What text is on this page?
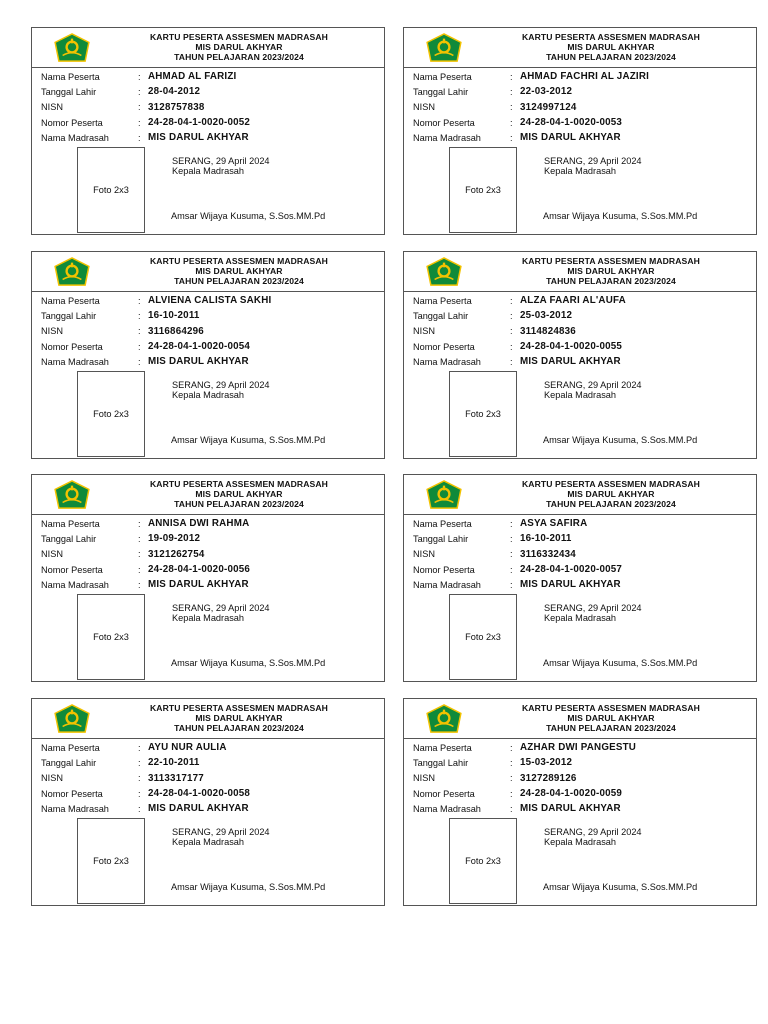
KARTU PESERTA ASSESMEN MADRASAH
MIS DARUL AKHYAR
TAHUN PELAJARAN 2023/2024
Nama Peserta	: AHMAD AL FARIZI
Tanggal Lahir	: 28-04-2012
NISN	: 3128757838
Nomor Peserta	: 24-28-04-1-0020-0052
Nama Madrasah	: MIS DARUL AKHYAR
Foto 2x3
SERANG, 29 April 2024
Kepala Madrasah
Amsar Wijaya Kusuma, S.Sos.MM.Pd
KARTU PESERTA ASSESMEN MADRASAH
MIS DARUL AKHYAR
TAHUN PELAJARAN 2023/2024
Nama Peserta	: AHMAD FACHRI AL JAZIRI
Tanggal Lahir	: 22-03-2012
NISN	: 3124997124
Nomor Peserta	: 24-28-04-1-0020-0053
Nama Madrasah	: MIS DARUL AKHYAR
Foto 2x3
SERANG, 29 April 2024
Kepala Madrasah
Amsar Wijaya Kusuma, S.Sos.MM.Pd
KARTU PESERTA ASSESMEN MADRASAH
MIS DARUL AKHYAR
TAHUN PELAJARAN 2023/2024
Nama Peserta	: ALVIENA CALISTA SAKHI
Tanggal Lahir	: 16-10-2011
NISN	: 3116864296
Nomor Peserta	: 24-28-04-1-0020-0054
Nama Madrasah	: MIS DARUL AKHYAR
Foto 2x3
SERANG, 29 April 2024
Kepala Madrasah
Amsar Wijaya Kusuma, S.Sos.MM.Pd
KARTU PESERTA ASSESMEN MADRASAH
MIS DARUL AKHYAR
TAHUN PELAJARAN 2023/2024
Nama Peserta	: ALZA FAARI AL'AUFA
Tanggal Lahir	: 25-03-2012
NISN	: 3114824836
Nomor Peserta	: 24-28-04-1-0020-0055
Nama Madrasah	: MIS DARUL AKHYAR
Foto 2x3
SERANG, 29 April 2024
Kepala Madrasah
Amsar Wijaya Kusuma, S.Sos.MM.Pd
KARTU PESERTA ASSESMEN MADRASAH
MIS DARUL AKHYAR
TAHUN PELAJARAN 2023/2024
Nama Peserta	: ANNISA DWI RAHMA
Tanggal Lahir	: 19-09-2012
NISN	: 3121262754
Nomor Peserta	: 24-28-04-1-0020-0056
Nama Madrasah	: MIS DARUL AKHYAR
Foto 2x3
SERANG, 29 April 2024
Kepala Madrasah
Amsar Wijaya Kusuma, S.Sos.MM.Pd
KARTU PESERTA ASSESMEN MADRASAH
MIS DARUL AKHYAR
TAHUN PELAJARAN 2023/2024
Nama Peserta	: ASYA SAFIRA
Tanggal Lahir	: 16-10-2011
NISN	: 3116332434
Nomor Peserta	: 24-28-04-1-0020-0057
Nama Madrasah	: MIS DARUL AKHYAR
Foto 2x3
SERANG, 29 April 2024
Kepala Madrasah
Amsar Wijaya Kusuma, S.Sos.MM.Pd
KARTU PESERTA ASSESMEN MADRASAH
MIS DARUL AKHYAR
TAHUN PELAJARAN 2023/2024
Nama Peserta	: AYU NUR AULIA
Tanggal Lahir	: 22-10-2011
NISN	: 3113317177
Nomor Peserta	: 24-28-04-1-0020-0058
Nama Madrasah	: MIS DARUL AKHYAR
Foto 2x3
SERANG, 29 April 2024
Kepala Madrasah
Amsar Wijaya Kusuma, S.Sos.MM.Pd
KARTU PESERTA ASSESMEN MADRASAH
MIS DARUL AKHYAR
TAHUN PELAJARAN 2023/2024
Nama Peserta	: AZHAR DWI PANGESTU
Tanggal Lahir	: 15-03-2012
NISN	: 3127289126
Nomor Peserta	: 24-28-04-1-0020-0059
Nama Madrasah	: MIS DARUL AKHYAR
Foto 2x3
SERANG, 29 April 2024
Kepala Madrasah
Amsar Wijaya Kusuma, S.Sos.MM.Pd
